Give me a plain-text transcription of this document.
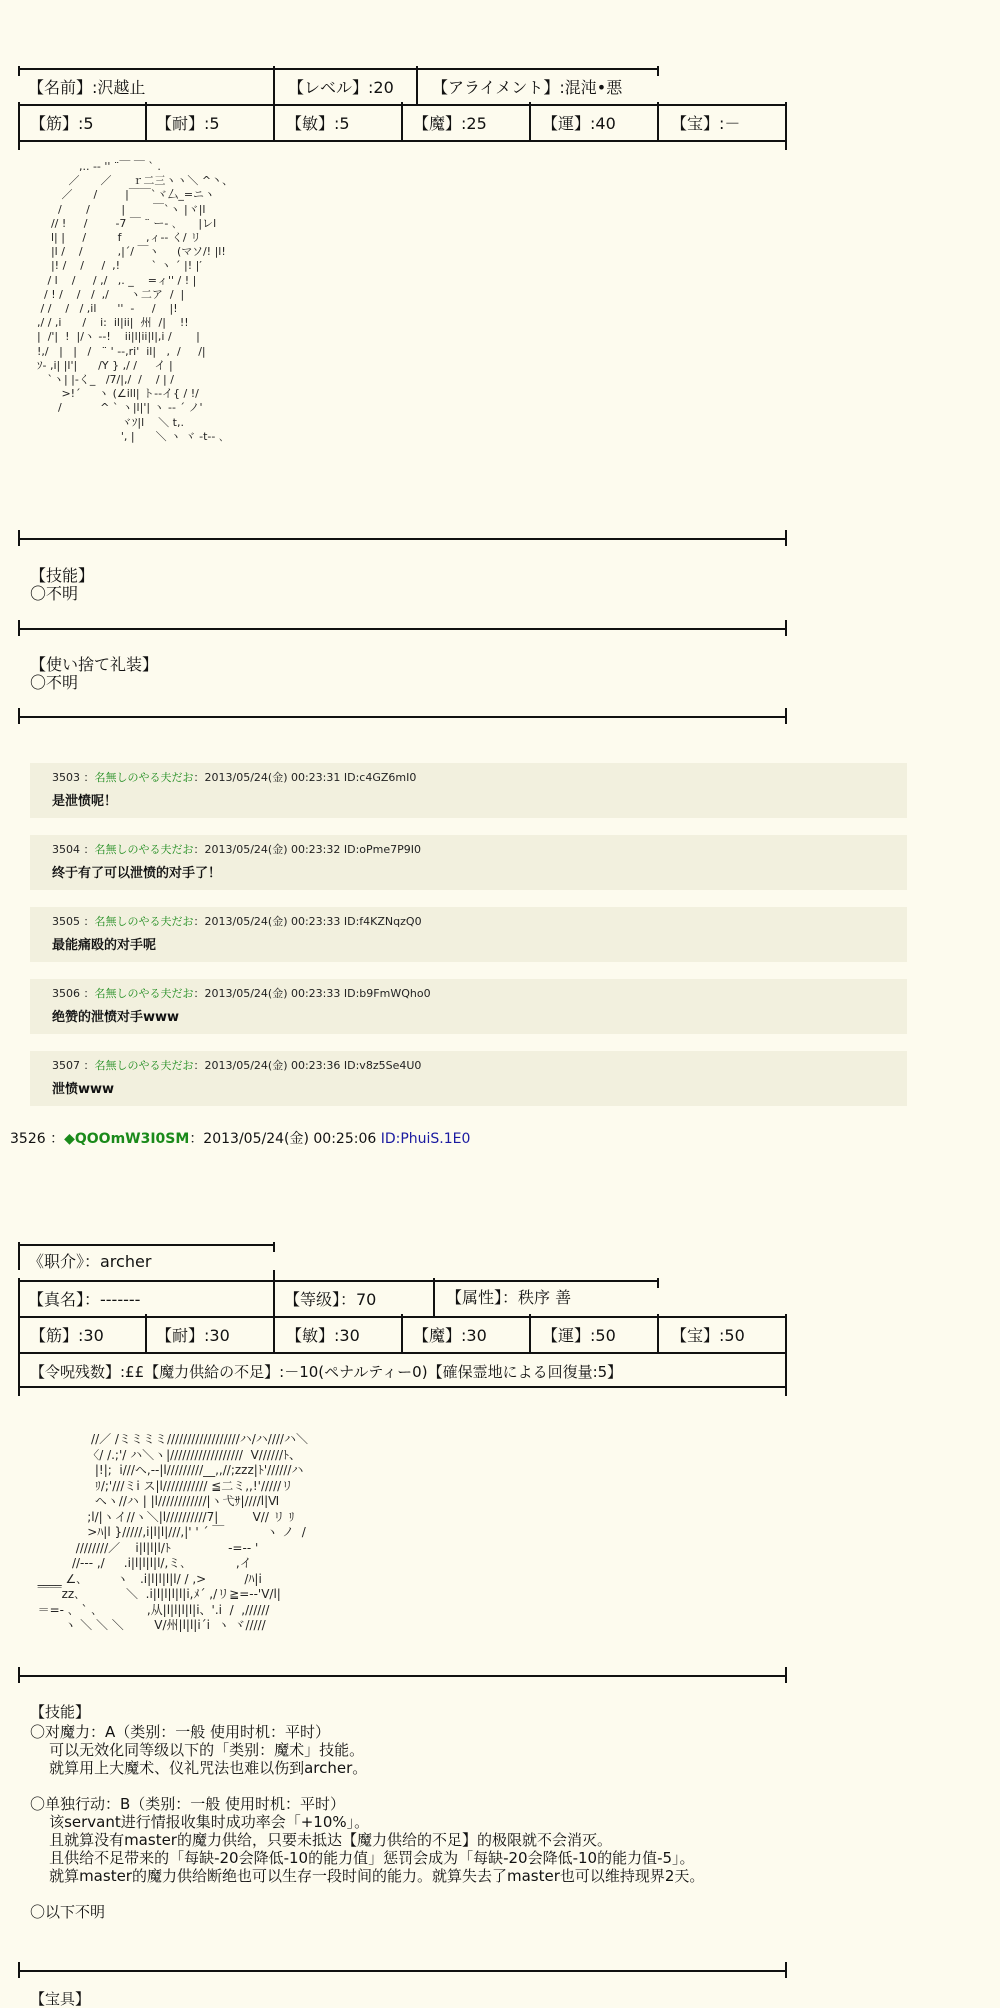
【名前】:沢越止	【レベル】:20 【アライメント】:混沌•悪
【筋】:5	【耐】:5	【敏】:5	【魔】:25	【運】:40	【宝】:－
,.. -‐ '' ¨￣ ￣ ` .
／      ／      ｒ二三ヽヽ＼ ^丶、
／      /        |￣￣`ヾ厶_=ニヽ
/       /         |        ￣`ヽ |ヾ|l
// !     /        -7 ￣ ¨ ー- ､      |レl
l| |     /         f       ,ィ-‐ く/ リ
|l /    /          ,|´/ ￣ヽ     (マソ/! |l!
|! /    /     /  ,!         ` ヽ ´ |! |′
/ l    /     / ,/   ,. _    =ィ'' / ! |
/ ! /    /   /  ,/      ヽ二ア  /  |
/ /    /   / ,il      ''  -     /    |!
,/ / ,i      /    i:  il|ii|  州  /|    !!
|  /'|  !  |/ヽ --!    ii|l|ii|l|,i /       |
!,/   |   |   /   ¨ ' ‐-,ri'  il|   ,  /     /|
ｿ- ,i| |l'|      /Y } ,/ /     イ |
`ヽ| |-く_   /7/|,/  /    / | /
>!´     ヽ (∠ill| ト-‐イ{ / !/
/           ^ ` ヽ|l|'| ヽ -- ´ ノ'
ヾｿ|l    ＼ t,.
', |      ＼ ヽ ヾ -t-- ､
【技能】
〇不明
【使い捨て礼装】
〇不明
3503 ：名無しのやる夫だお：2013/05/24(金) 00:23:31 ID:c4GZ6mI0
是泄愤呢！
3504 ：名無しのやる夫だお：2013/05/24(金) 00:23:32 ID:oPme7P9I0
终于有了可以泄愤的对手了！
3505 ：名無しのやる夫だお：2013/05/24(金) 00:23:33 ID:f4KZNqzQ0
最能痛殴的对手呢
3506 ：名無しのやる夫だお：2013/05/24(金) 00:23:33 ID:b9FmWQho0
绝赞的泄愤对手www
3507 ：名無しのやる夫だお：2013/05/24(金) 00:23:36 ID:v8z5Se4U0
泄愤www
3526 ：◆QOOmW3I0SM：2013/05/24(金) 00:25:06 ID:PhuiS.1E0
《职介》：archer
【真名】：-------	【等级】：70	【属性】：秩序 善
【筋】:30	【耐】:30	【敏】:30	【魔】:30	【運】:50	【宝】:50
【令呪残数】:££【魔力供給の不足】:－10(ペナルティー0)【確保霊地による回復量:5】
//／ /ミミミミ//////////////////ハ/ハ////ハ＼
〈/ /.;'/ ハ＼ヽ|//////////////////  Ⅴ//////ﾄ、
|!|;  i///ヘ,-‐|l/////////__,,//;zzz|ﾄ'//////ハ
ﾘ/;'///ミi ス|l/////////// ≦二ミ,,!'/////リ
ヘヽ//ハ | |l////////////|ヽ弋ｻ|////l|Ⅵ
;l/|ヽイ//ヽ＼|l//////////7|         V// リ ﾘ
>ﾊ|l }/////,i|l|l|///,|' ' ´ ￣           ヽ ノ  /
////////／    i|l|l|l/ﾄ               ‐=-‐ '
//‐‐‐ ,/     .i|l|l|l|l/,ミ､             ,イ
____ ∠､         ヽ   .i|l|l|l|l/ / ,>          /ﾊ|i
￣￣zz､            ＼  .i|l|l|l|l|i,ﾒ´ ,/リ≧=‐‐'V/l|
＝=- ､  ` ､             ,从|l|l|l|l|i、'.i  /  ,//////
ヽ ＼ ＼ ＼        Ⅴ/州|l|l|i´i  ヽ ヾ/////
【技能】
〇对魔力：A（类别：一般 使用时机：平时）
可以无效化同等级以下的「类别：魔术」技能。
就算用上大魔术、仪礼咒法也难以伤到archer。

〇单独行动：B（类别：一般 使用时机：平时）
该servant进行情报收集时成功率会「+10%」。
且就算没有master的魔力供给，只要未抵达【魔力供给的不足】的极限就不会消灭。
且供给不足带来的「每缺-20会降低-10的能力值」惩罚会成为「每缺-20会降低-10的能力值-5」。
就算master的魔力供给断绝也可以生存一段时间的能力。就算失去了master也可以维持现界2天。

〇以下不明
【宝具】
